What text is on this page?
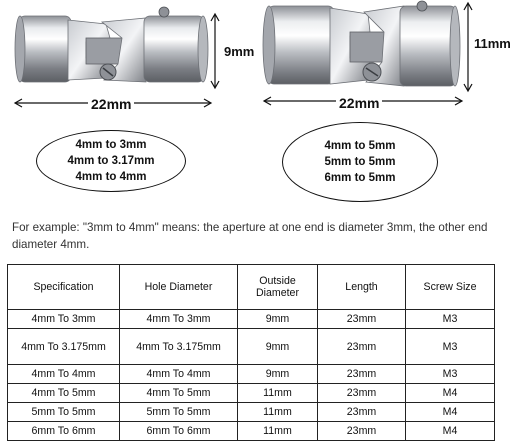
9mm
22mm
11mm
22mm
4mm to 3mm
4mm to 3.17mm
4mm to 4mm
4mm to 5mm
5mm to 5mm
6mm to 5mm
For example: "3mm to 4mm" means: the aperture at one end is diameter 3mm, the other end diameter 4mm.
Specification	Hole Diameter	Outside Diameter	Length	Screw Size
4mm To 3mm	4mm To 3mm	9mm	23mm	M3
4mm To 3.175mm	4mm To 3.175mm	9mm	23mm	M3
4mm To 4mm	4mm To 4mm	9mm	23mm	M3
4mm To 5mm	4mm To 5mm	11mm	23mm	M4
5mm To 5mm	5mm To 5mm	11mm	23mm	M4
6mm To 6mm	6mm To 6mm	11mm	23mm	M4
